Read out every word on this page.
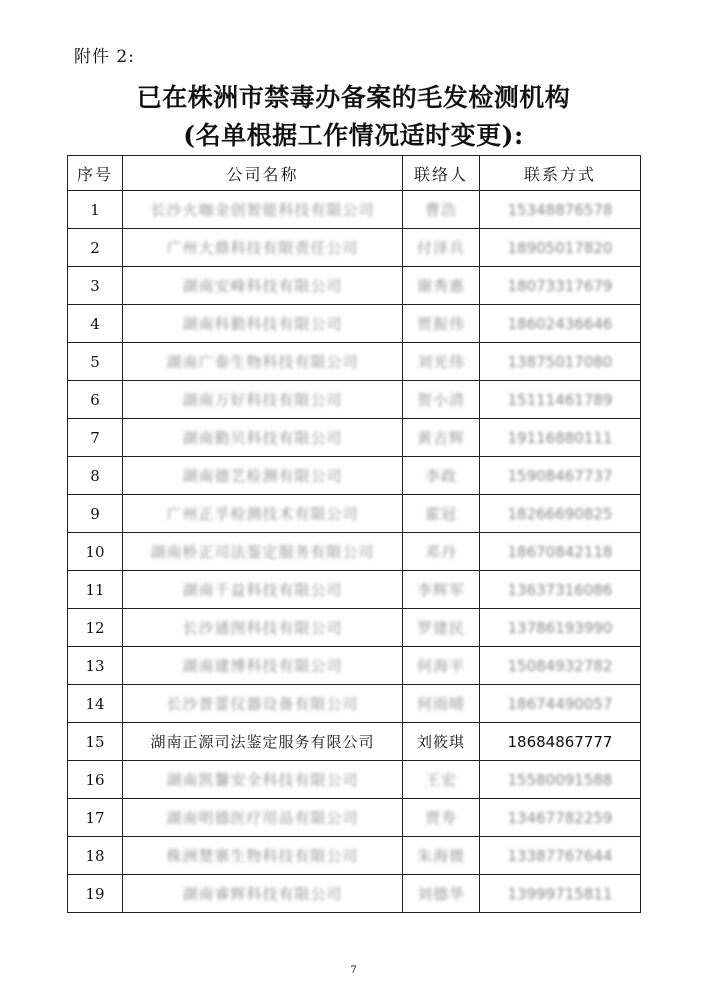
附件 2:
已在株洲市禁毒办备案的毛发检测机构
(名单根据工作情况适时变更):
序号	公司名称	联络人	联系方式
1	长沙火咖金创智能科技有限公司	曹浩	15348876578
2	广州大鼎科技有限责任公司	付泽兵	18905017820
3	湖南安峰科技有限公司	谢秀惠	18073317679
4	湖南科勤科技有限公司	贾振伟	18602436646
5	湖南广泰生物科技有限公司	刘光伟	13875017080
6	湖南万好科技有限公司	贺小清	15111461789
7	湖南勤贝科技有限公司	黄吉辉	19116880111
8	湖南德艺检测有限公司	李政	15908467737
9	广州正孚检测技术有限公司	霍冠	18266690825
10	湖南桥正司法鉴定服务有限公司	邓丹	18670842118
11	湖南千益科技有限公司	李辉军	13637316086
12	长沙通图科技有限公司	罗建民	13786193990
13	湖南建博科技有限公司	何海平	15084932782
14	长沙普蕾仪器设备有限公司	何雨晴	18674490057
15	湖南正源司法鉴定服务有限公司	刘筱琪	18684867777
16	湖南凯馨安全科技有限公司	王宏	15580091588
17	湖南明德医疗用品有限公司	贾寿	13467782259
18	株洲楚寨生物科技有限公司	朱海微	13387767644
19	湖南睿辉科技有限公司	刘德华	13999715811
7
